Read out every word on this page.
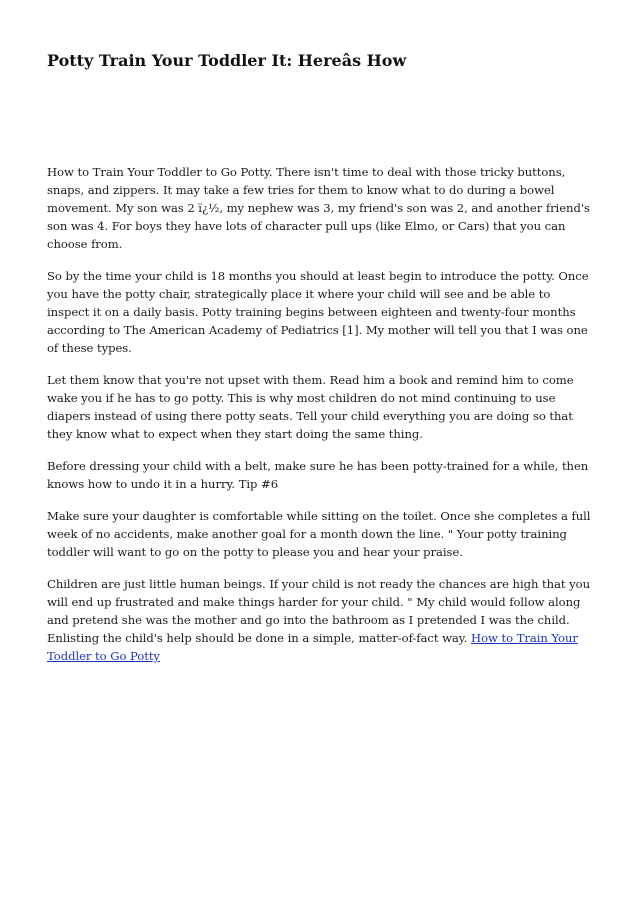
Potty Train Your Toddler It: Hereâs How

How to Train Your Toddler to Go Potty. There isn't time to deal with those tricky buttons, snaps, and zippers. It may take a few tries for them to know what to do during a bowel movement. My son was 2 ï¿½, my nephew was 3, my friend's son was 2, and another friend's son was 4. For boys they have lots of character pull ups (like Elmo, or Cars) that you can choose from.

So by the time your child is 18 months you should at least begin to introduce the potty. Once you have the potty chair, strategically place it where your child will see and be able to inspect it on a daily basis. Potty training begins between eighteen and twenty-four months according to The American Academy of Pediatrics [1]. My mother will tell you that I was one of these types.

Let them know that you're not upset with them. Read him a book and remind him to come wake you if he has to go potty. This is why most children do not mind continuing to use diapers instead of using there potty seats. Tell your child everything you are doing so that they know what to expect when they start doing the same thing.

Before dressing your child with a belt, make sure he has been potty-trained for a while, then knows how to undo it in a hurry. Tip #6

Make sure your daughter is comfortable while sitting on the toilet. Once she completes a full week of no accidents, make another goal for a month down the line. " Your potty training toddler will want to go on the potty to please you and hear your praise.

Children are just little human beings. If your child is not ready the chances are high that you will end up frustrated and make things harder for your child. " My child would follow along and pretend she was the mother and go into the bathroom as I pretended I was the child. Enlisting the child's help should be done in a simple, matter-of-fact way. How to Train Your Toddler to Go Potty
